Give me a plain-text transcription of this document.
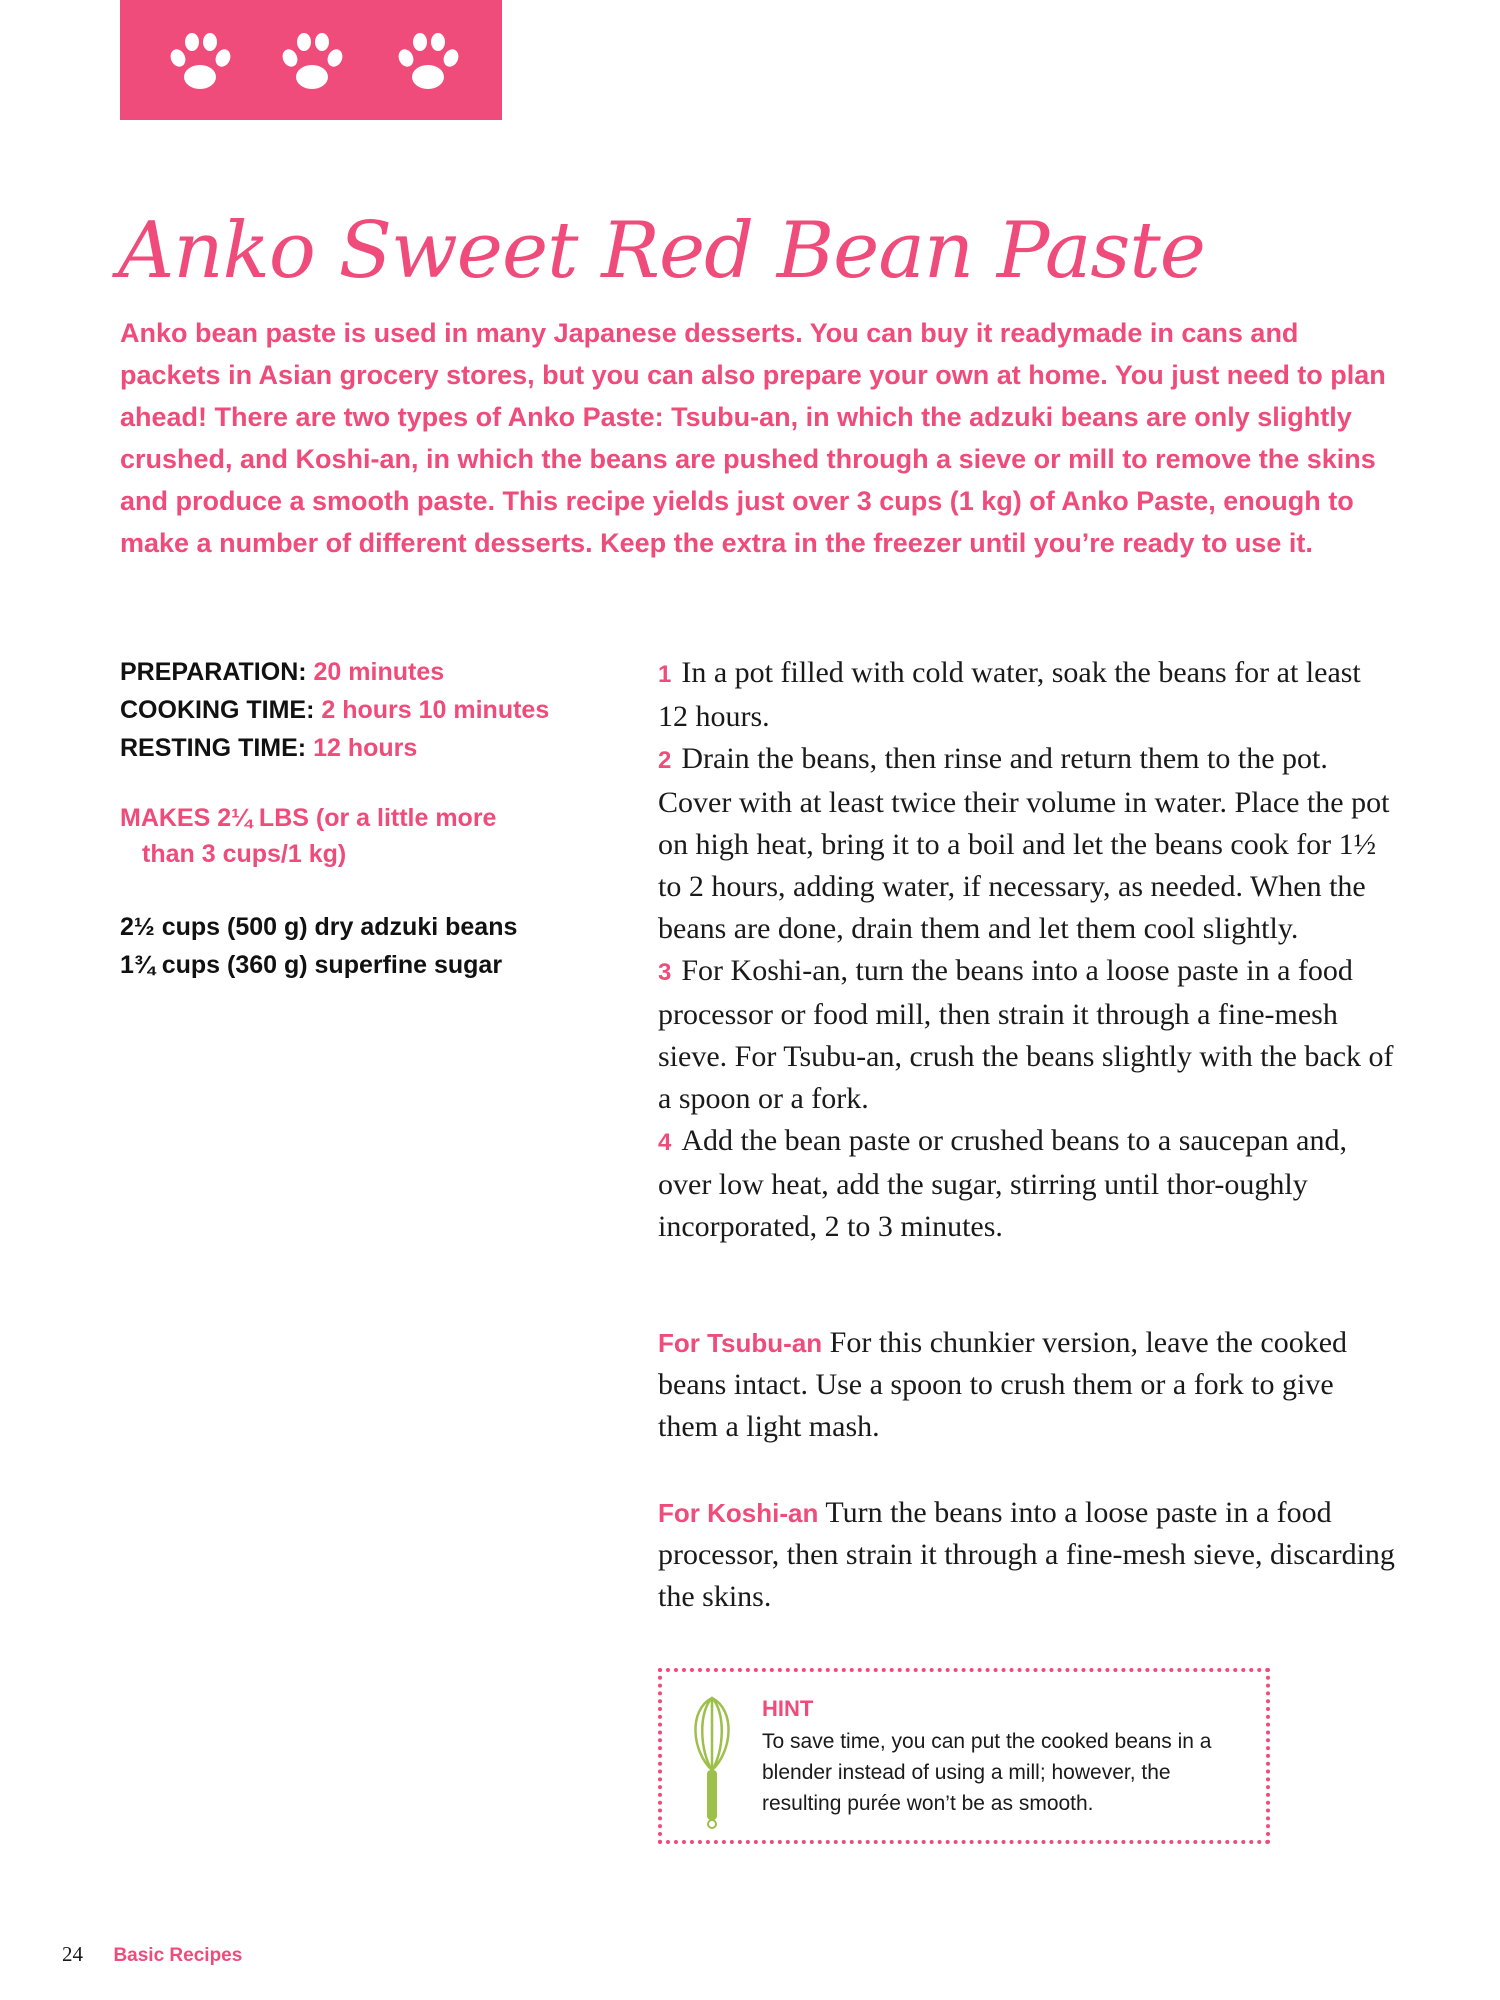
Anko Sweet Red Bean Paste

Anko bean paste is used in many Japanese desserts. You can buy it readymade in cans and packets in Asian grocery stores, but you can also prepare your own at home. You just need to plan ahead! There are two types of Anko Paste: Tsubu-an, in which the adzuki beans are only slightly crushed, and Koshi-an, in which the beans are pushed through a sieve or mill to remove the skins and produce a smooth paste. This recipe yields just over 3 cups (1 kg) of Anko Paste, enough to make a number of different desserts. Keep the extra in the freezer until you’re ready to use it.

PREPARATION: 20 minutes
COOKING TIME: 2 hours 10 minutes
RESTING TIME: 12 hours
MAKES 2¼ LBS (or a little more
than 3 cups/1 kg)
2½ cups (500 g) dry adzuki beans
1¾ cups (360 g) superfine sugar

1 In a pot filled with cold water, soak the beans for at least 12 hours.

2 Drain the beans, then rinse and return them to the pot. Cover with at least twice their volume in water. Place the pot on high heat, bring it to a boil and let the beans cook for 1½ to 2 hours, adding water, if necessary, as needed. When the beans are done, drain them and let them cool slightly.

3 For Koshi-an, turn the beans into a loose paste in a food processor or food mill, then strain it through a fine-mesh sieve. For Tsubu-an, crush the beans slightly with the back of a spoon or a fork.

4 Add the bean paste or crushed beans to a saucepan and, over low heat, add the sugar, stirring until thor-oughly incorporated, 2 to 3 minutes.

For Tsubu-an For this chunkier version, leave the cooked beans intact. Use a spoon to crush them or a fork to give them a light mash.

For Koshi-an Turn the beans into a loose paste in a food processor, then strain it through a fine-mesh sieve, discarding the skins.

HINT
To save time, you can put the cooked beans in a blender instead of using a mill; however, the resulting purée won’t be as smooth.
24 Basic Recipes
